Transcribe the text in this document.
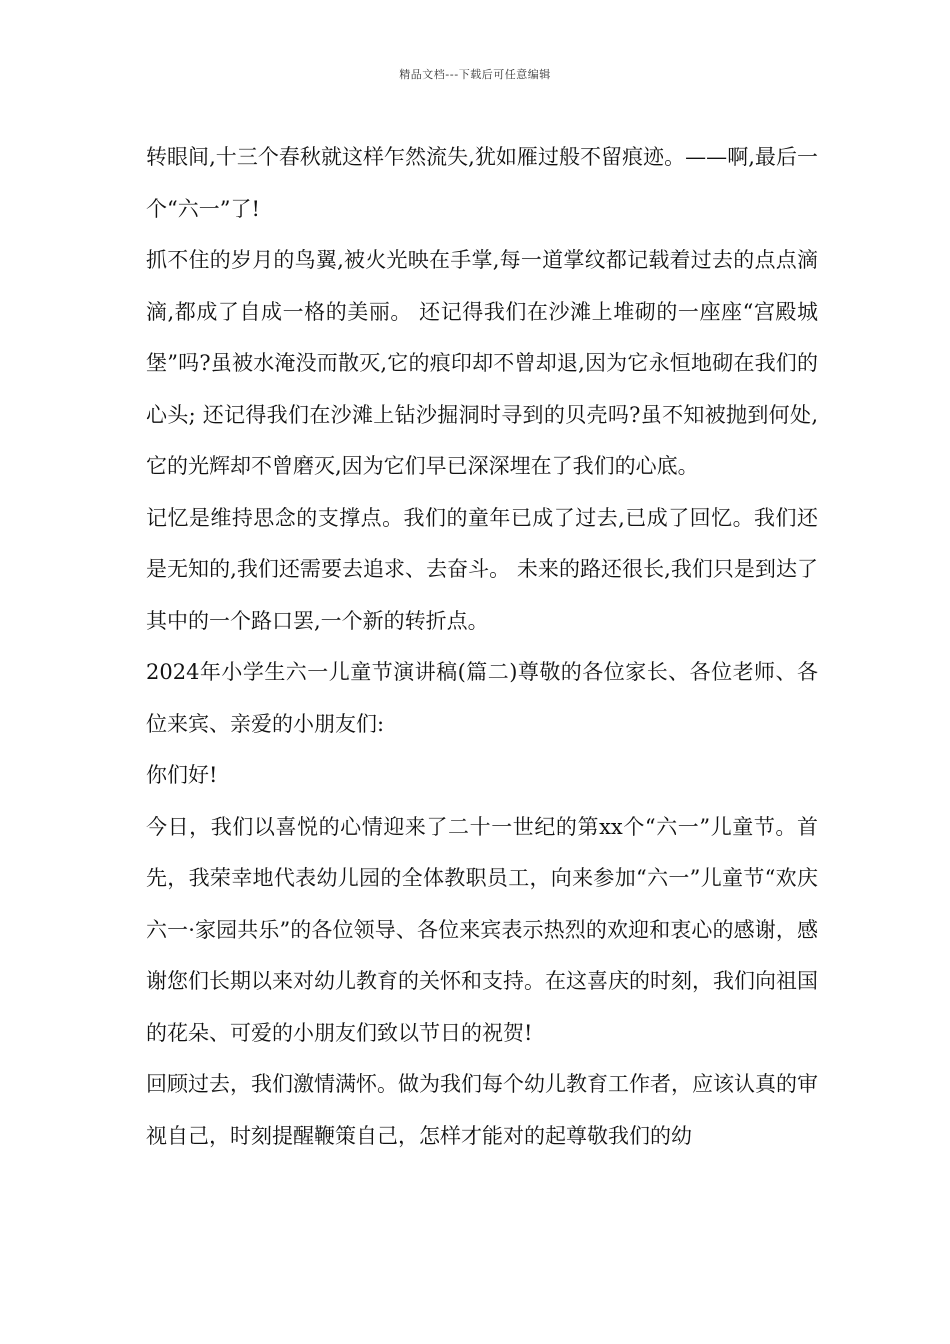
精品文档---下载后可任意编辑

转眼间,十三个春秋就这样乍然流失,犹如雁过般不留痕迹。——啊,最后一个“六一”了!

抓不住的岁月的鸟翼,被火光映在手掌,每一道掌纹都记载着过去的点点滴滴,都成了自成一格的美丽。 还记得我们在沙滩上堆砌的一座座“宫殿城堡”吗?虽被水淹没而散灭,它的痕印却不曾却退,因为它永恒地砌在我们的心头; 还记得我们在沙滩上钻沙掘洞时寻到的贝壳吗?虽不知被抛到何处,它的光辉却不曾磨灭,因为它们早已深深埋在了我们的心底。

记忆是维持思念的支撑点。我们的童年已成了过去,已成了回忆。我们还是无知的,我们还需要去追求、去奋斗。 未来的路还很长,我们只是到达了其中的一个路口罢,一个新的转折点。

2024年小学生六一儿童节演讲稿(篇二)尊敬的各位家长、各位老师、各位来宾、亲爱的小朋友们:

你们好!

今日，我们以喜悦的心情迎来了二十一世纪的第xx个“六一”儿童节。首先，我荣幸地代表幼儿园的全体教职员工，向来参加“六一”儿童节“欢庆六一·家园共乐”的各位领导、各位来宾表示热烈的欢迎和衷心的感谢，感谢您们长期以来对幼儿教育的关怀和支持。在这喜庆的时刻，我们向祖国的花朵、可爱的小朋友们致以节日的祝贺!

回顾过去，我们激情满怀。做为我们每个幼儿教育工作者，应该认真的审视自己，时刻提醒鞭策自己，怎样才能对的起尊敬我们的幼
